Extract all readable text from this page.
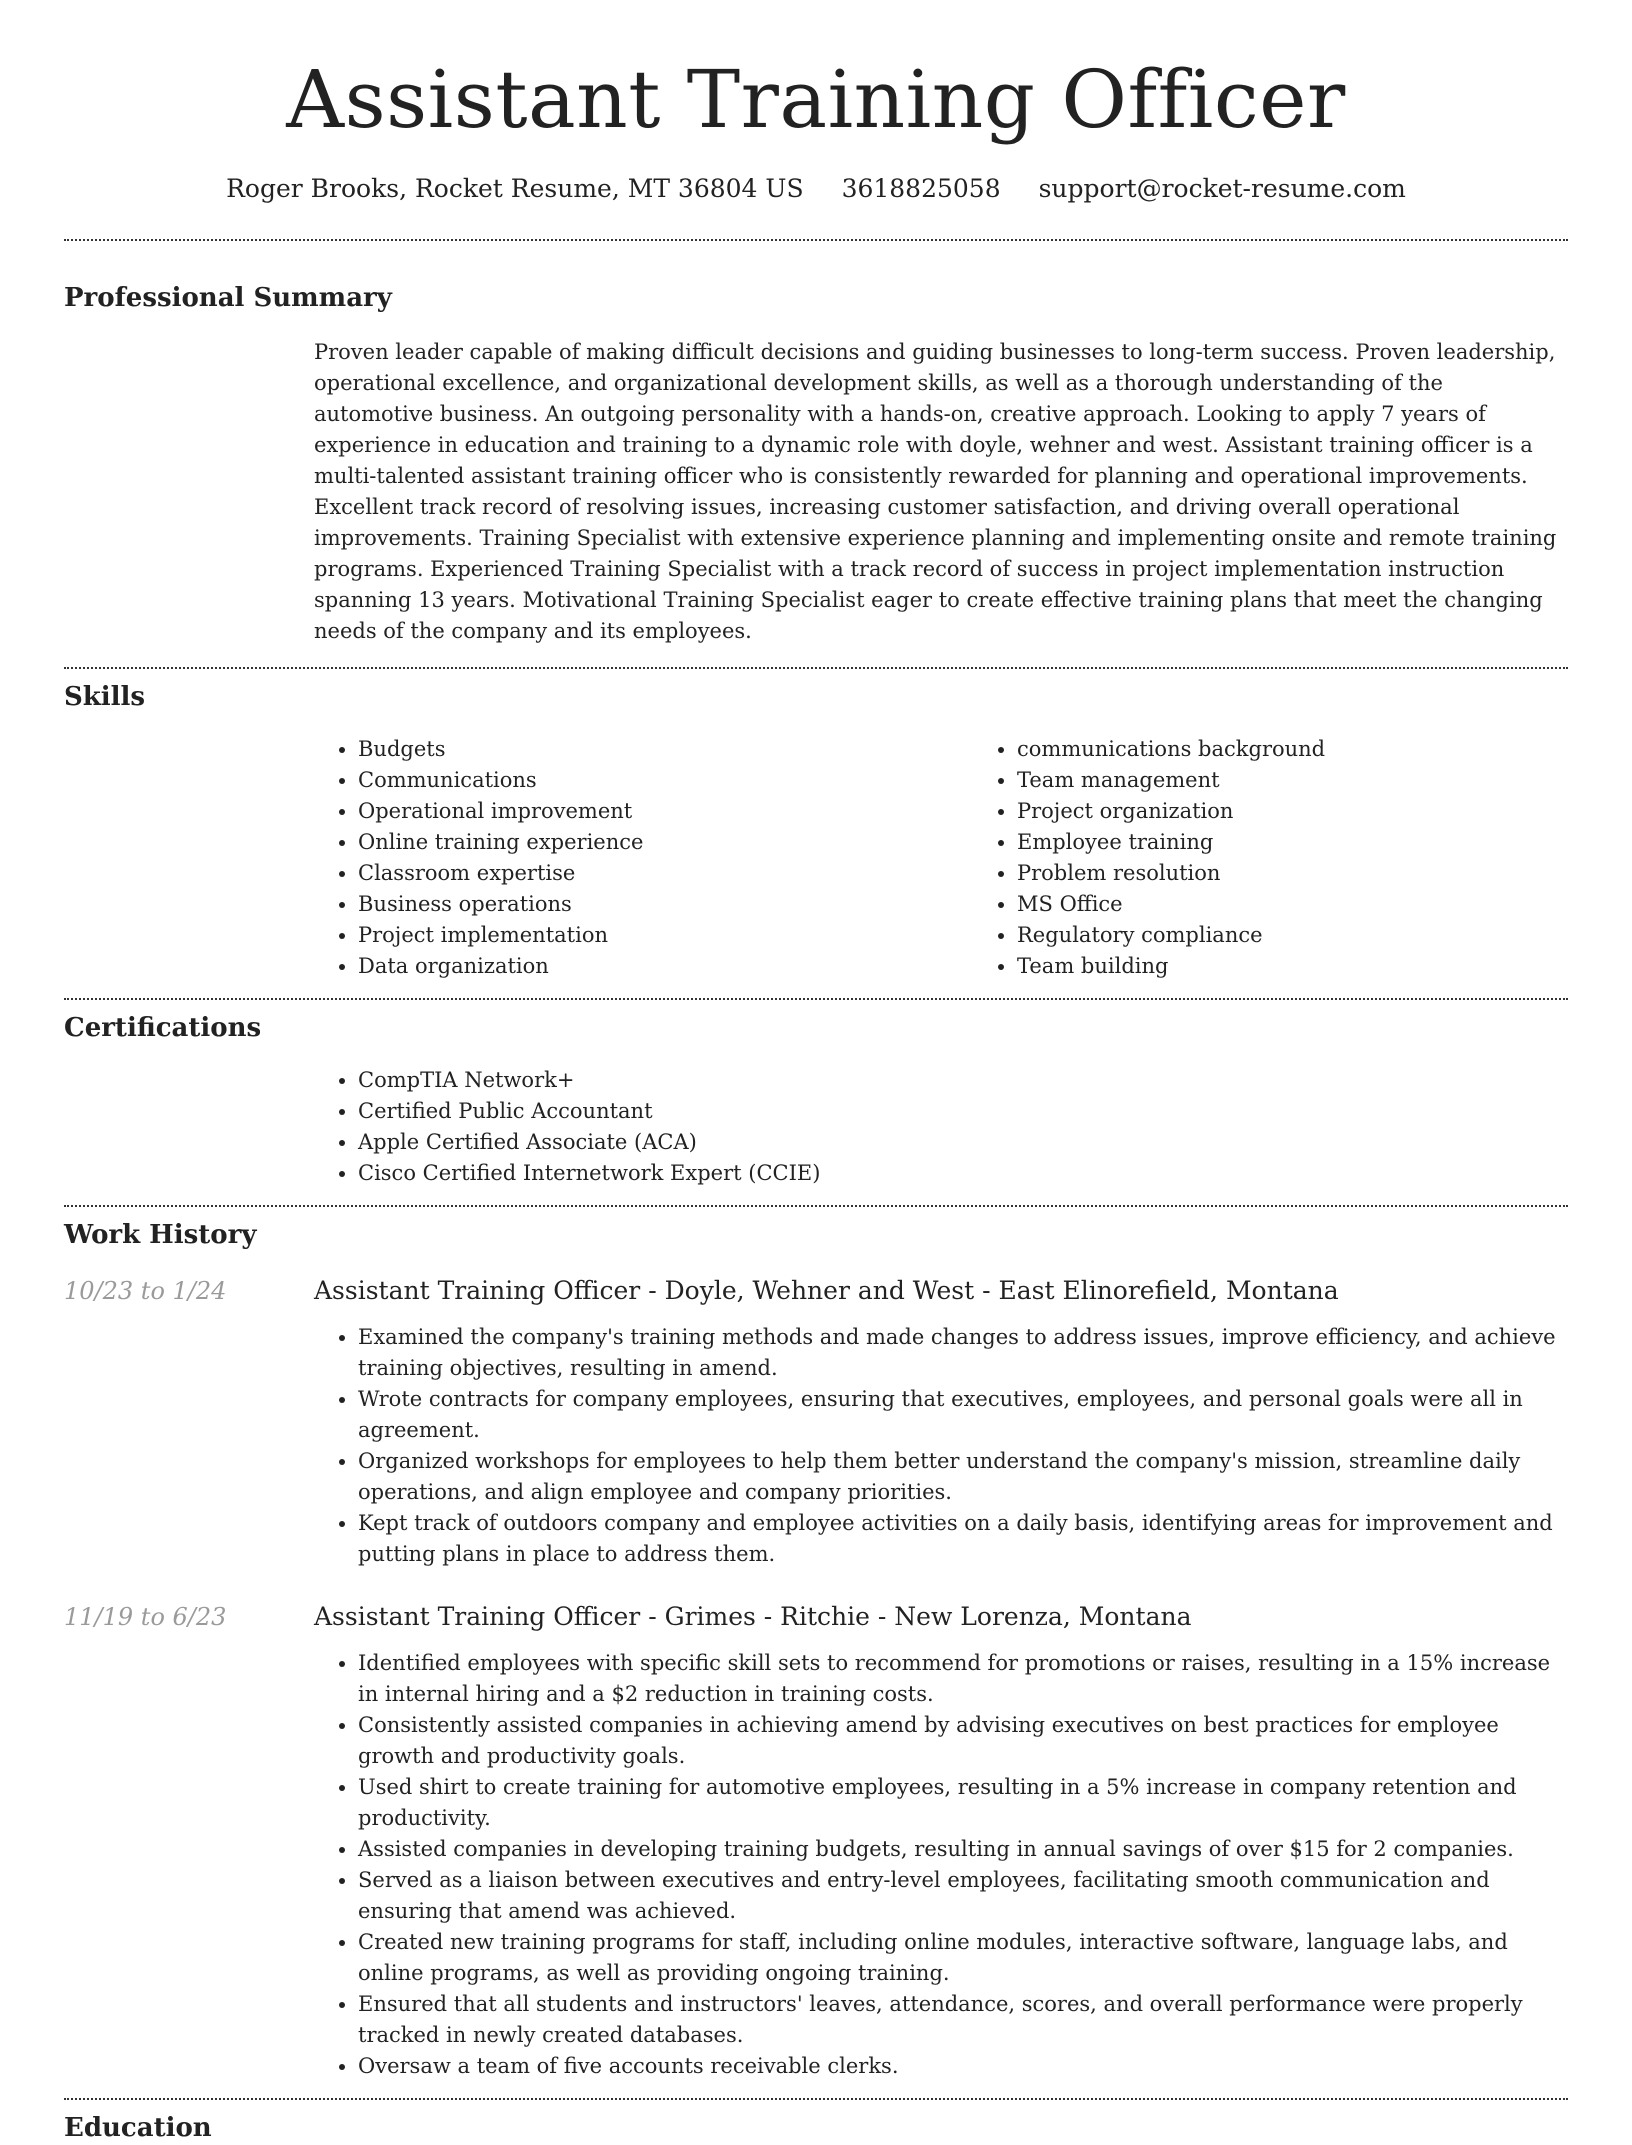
Assistant Training Officer
Roger Brooks, Rocket Resume, MT 36804 US 3618825058 support@rocket-resume.com
Professional Summary

Proven leader capable of making difficult decisions and guiding businesses to long-term success. Proven leadership, operational excellence, and organizational development skills, as well as a thorough understanding of the automotive business. An outgoing personality with a hands-on, creative approach. Looking to apply 7 years of experience in education and training to a dynamic role with doyle, wehner and west. Assistant training officer is a multi-talented assistant training officer who is consistently rewarded for planning and operational improvements. Excellent track record of resolving issues, increasing customer satisfaction, and driving overall operational improvements. Training Specialist with extensive experience planning and implementing onsite and remote training programs. Experienced Training Specialist with a track record of success in project implementation instruction spanning 13 years. Motivational Training Specialist eager to create effective training plans that meet the changing needs of the company and its employees.

Skills
• Budgets
• Communications
• Operational improvement
• Online training experience
• Classroom expertise
• Business operations
• Project implementation
• Data organization
• communications background
• Team management
• Project organization
• Employee training
• Problem resolution
• MS Office
• Regulatory compliance
• Team building
Certifications
• CompTIA Network+
• Certified Public Accountant
• Apple Certified Associate (ACA)
• Cisco Certified Internetwork Expert (CCIE)
Work History
10/23 to 1/24	Assistant Training Officer - Doyle, Wehner and West - East Elinorefield, Montana
• Examined the company's training methods and made changes to address issues, improve efficiency, and achieve training objectives, resulting in amend.
• Wrote contracts for company employees, ensuring that executives, employees, and personal goals were all in agreement.
• Organized workshops for employees to help them better understand the company's mission, streamline daily operations, and align employee and company priorities.
• Kept track of outdoors company and employee activities on a daily basis, identifying areas for improvement and putting plans in place to address them.
11/19 to 6/23	Assistant Training Officer - Grimes - Ritchie - New Lorenza, Montana
• Identified employees with specific skill sets to recommend for promotions or raises, resulting in a 15% increase in internal hiring and a $2 reduction in training costs.
• Consistently assisted companies in achieving amend by advising executives on best practices for employee growth and productivity goals.
• Used shirt to create training for automotive employees, resulting in a 5% increase in company retention and productivity.
• Assisted companies in developing training budgets, resulting in annual savings of over $15 for 2 companies.
• Served as a liaison between executives and entry-level employees, facilitating smooth communication and ensuring that amend was achieved.
• Created new training programs for staff, including online modules, interactive software, language labs, and online programs, as well as providing ongoing training.
• Ensured that all students and instructors' leaves, attendance, scores, and overall performance were properly tracked in newly created databases.
• Oversaw a team of five accounts receivable clerks.
Education
